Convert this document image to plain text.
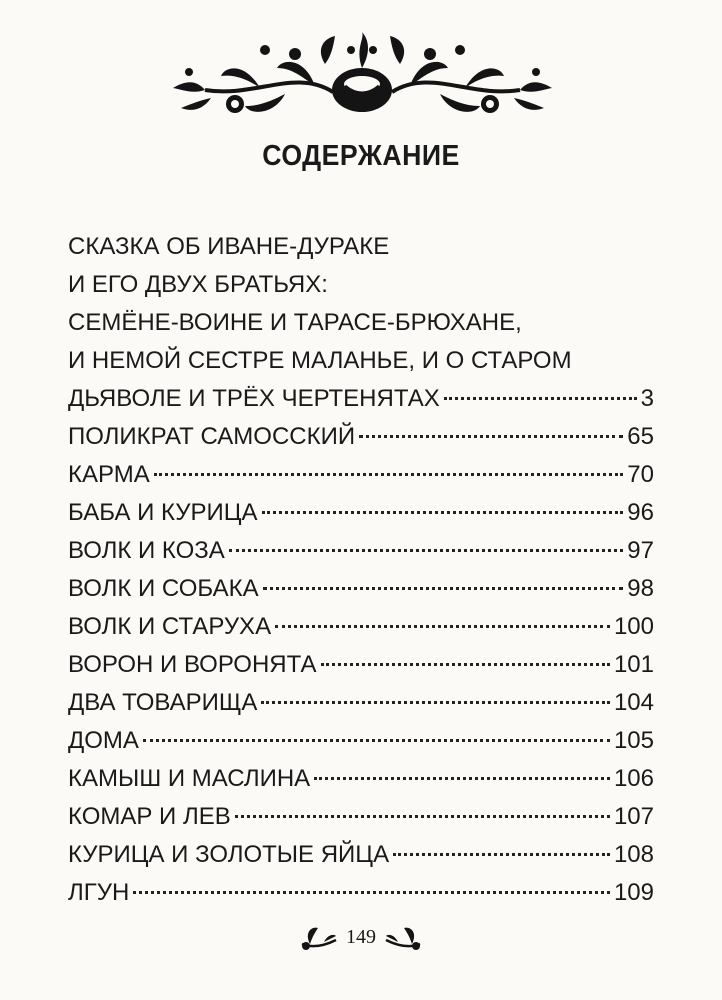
СОДЕРЖАНИЕ
СКАЗКА ОБ ИВАНЕ-ДУРАКЕ
И ЕГО ДВУХ БРАТЬЯХ:
СЕМЁНЕ-ВОИНЕ И ТАРАСЕ-БРЮХАНЕ,
И НЕМОЙ СЕСТРЕ МАЛАНЬЕ, И О СТАРОМ
ДЬЯВОЛЕ И ТРЁХ ЧЕРТЕНЯТАХ	3
ПОЛИКРАТ САМОССКИЙ	65
КАРМА	70
БАБА И КУРИЦА	96
ВОЛК И КОЗА	97
ВОЛК И СОБАКА	98
ВОЛК И СТАРУХА	100
ВОРОН И ВОРОНЯТА	101
ДВА ТОВАРИЩА	104
ДОМА	105
КАМЫШ И МАСЛИНА	106
КОМАР И ЛЕВ	107
КУРИЦА И ЗОЛОТЫЕ ЯЙЦА	108
ЛГУН	109
149
